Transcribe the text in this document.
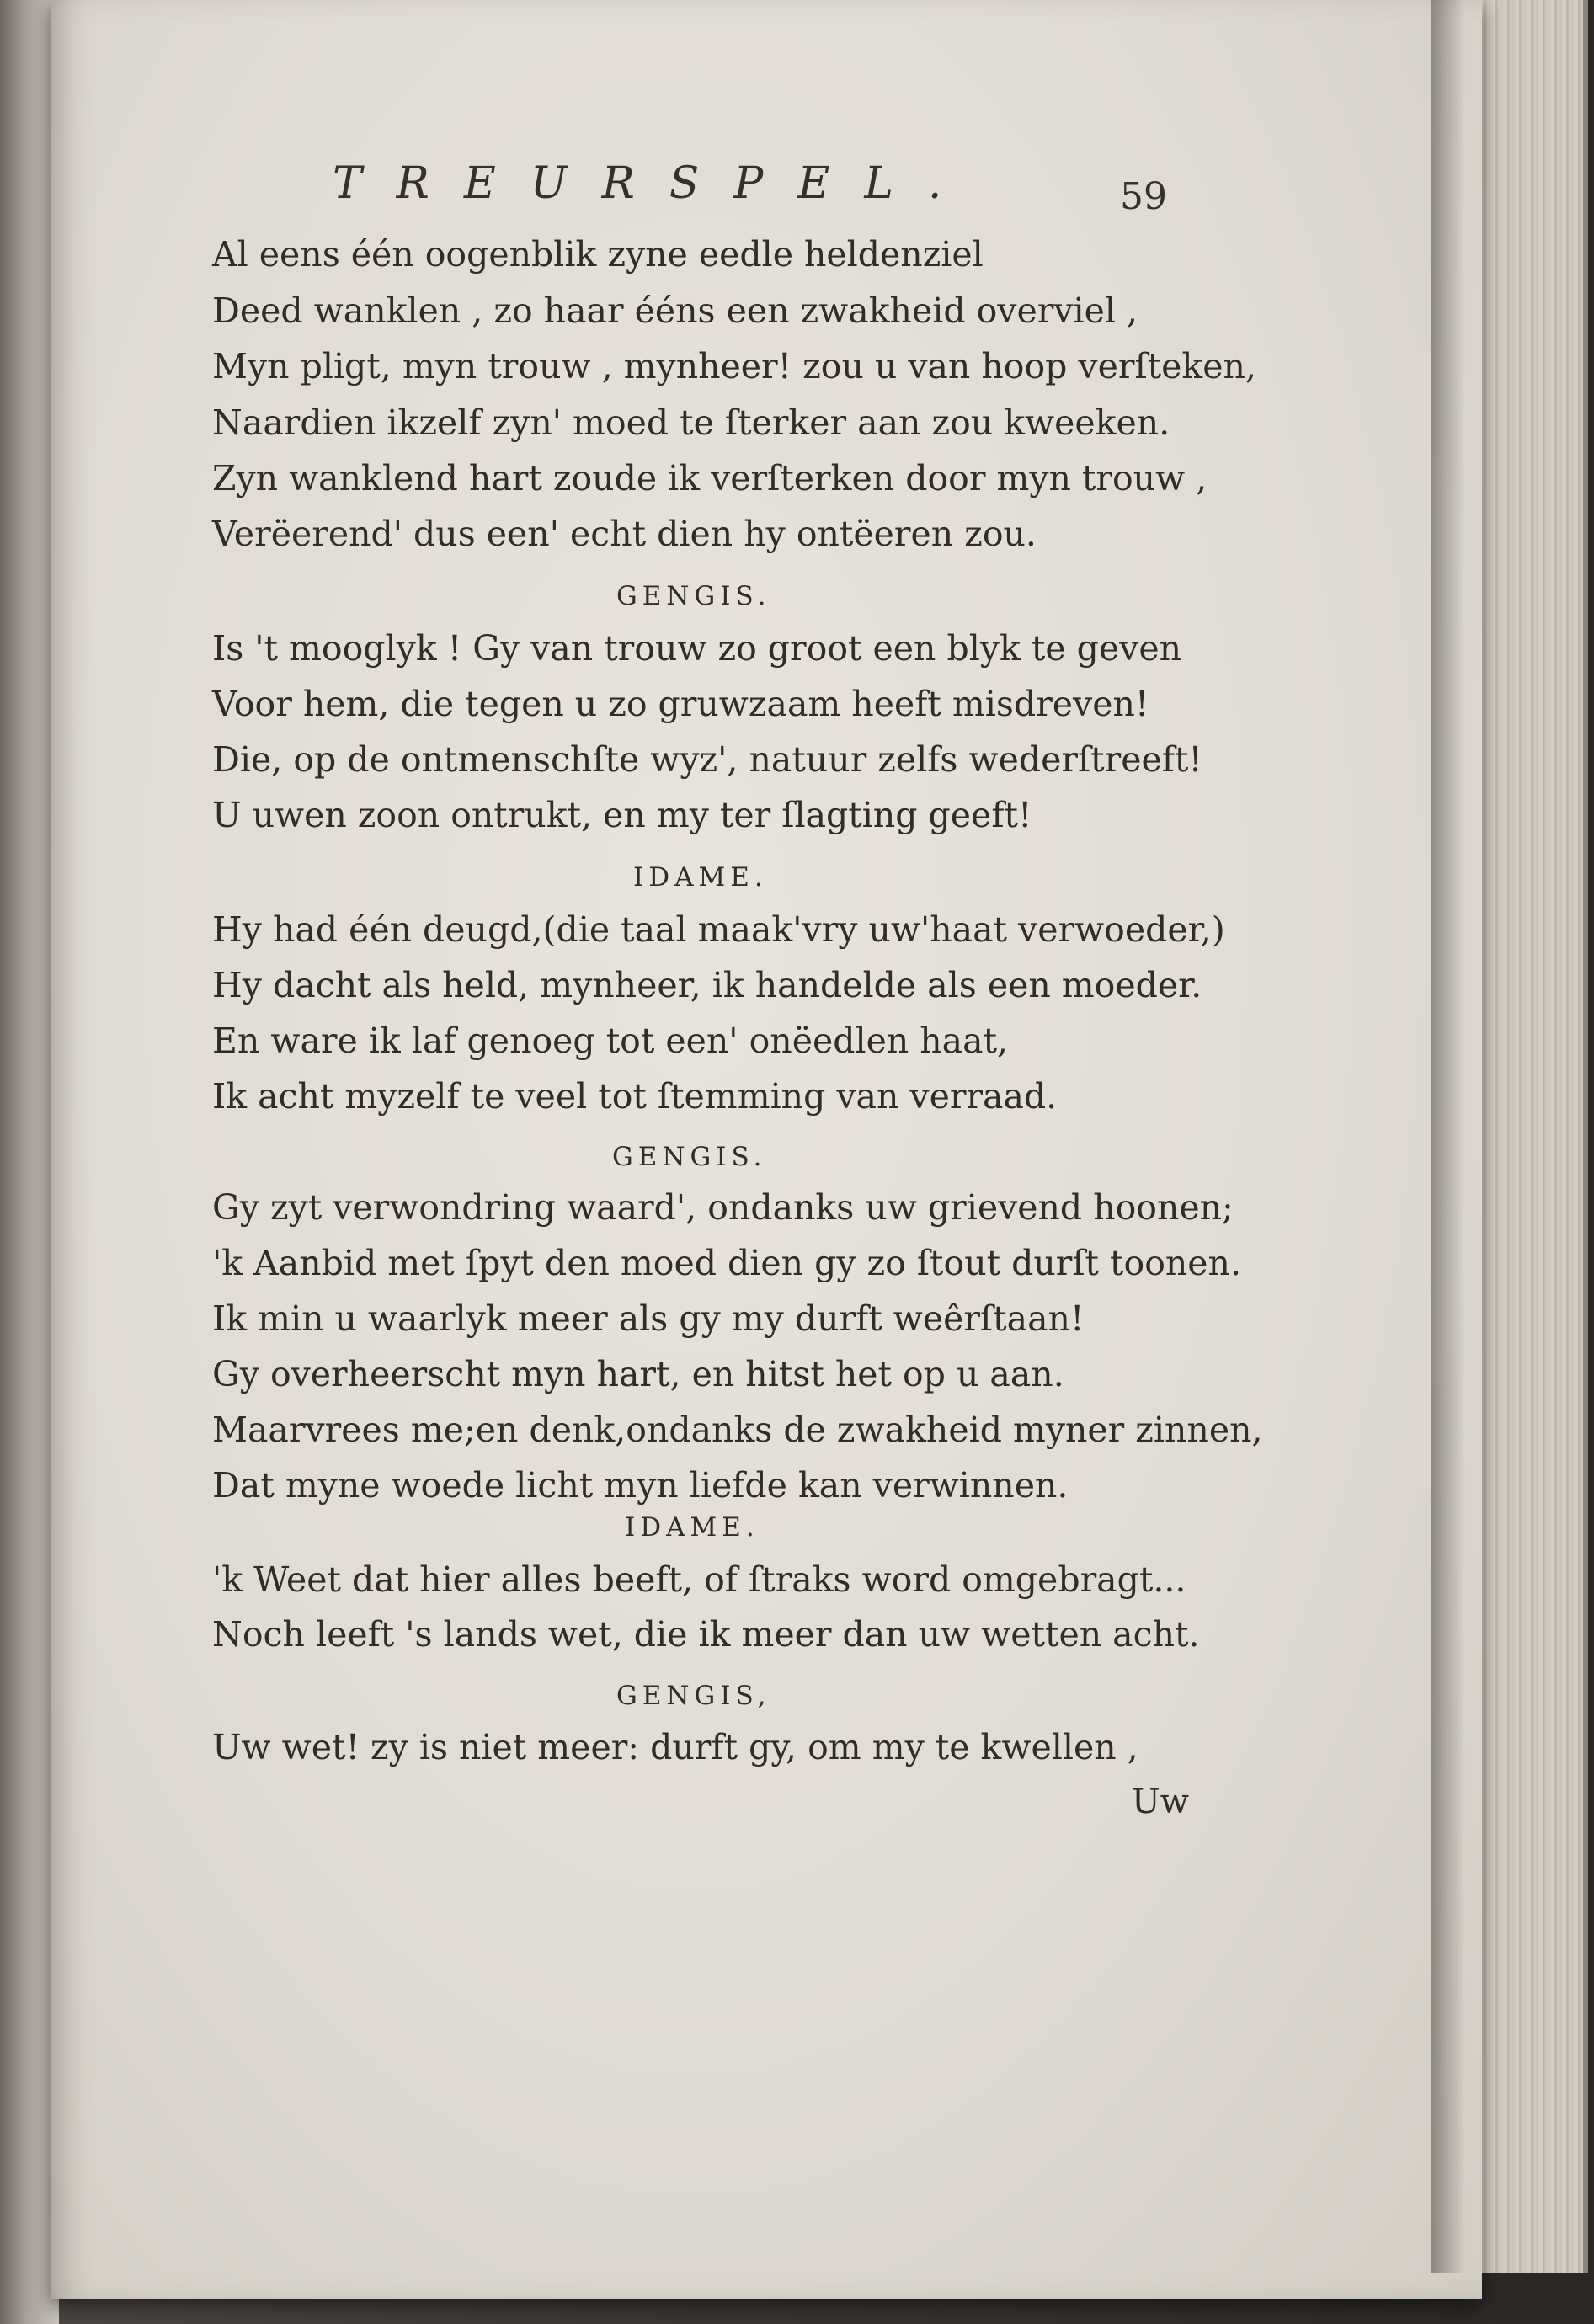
TREURSPEL.	59
Al eens één oogenblik zyne eedle heldenziel
Deed wanklen , zo haar ééns een zwakheid overviel ,
Myn pligt, myn trouw , mynheer! zou u van hoop verſteken,
Naardien ikzelf zyn' moed te ſterker aan zou kweeken.
Zyn wanklend hart zoude ik verſterken door myn trouw ,
Verëerend' dus een' echt dien hy ontëeren zou.
GENGIS.
Is 't mooglyk ! Gy van trouw zo groot een blyk te geven
Voor hem, die tegen u zo gruwzaam heeft misdreven!
Die, op de ontmenschſte wyz', natuur zelfs wederſtreeft!
U uwen zoon ontrukt, en my ter ſlagting geeft!
IDAME.
Hy had één deugd,(die taal maak'vry uw'haat verwoeder,)
Hy dacht als held, mynheer, ik handelde als een moeder.
En ware ik laf genoeg tot een' onëedlen haat,
Ik acht myzelf te veel tot ſtemming van verraad.
GENGIS.
Gy zyt verwondring waard', ondanks uw grievend hoonen;
'k Aanbid met ſpyt den moed dien gy zo ſtout durſt toonen.
Ik min u waarlyk meer als gy my durft weêrſtaan!
Gy overheerscht myn hart, en hitst het op u aan.
Maarvrees me;en denk,ondanks de zwakheid myner zinnen,
Dat myne woede licht myn liefde kan verwinnen.
IDAME.
'k Weet dat hier alles beeft, of ſtraks word omgebragt...
Noch leeft 's lands wet, die ik meer dan uw wetten acht.
GENGIS,
Uw wet! zy is niet meer: durft gy, om my te kwellen ,
Uw
